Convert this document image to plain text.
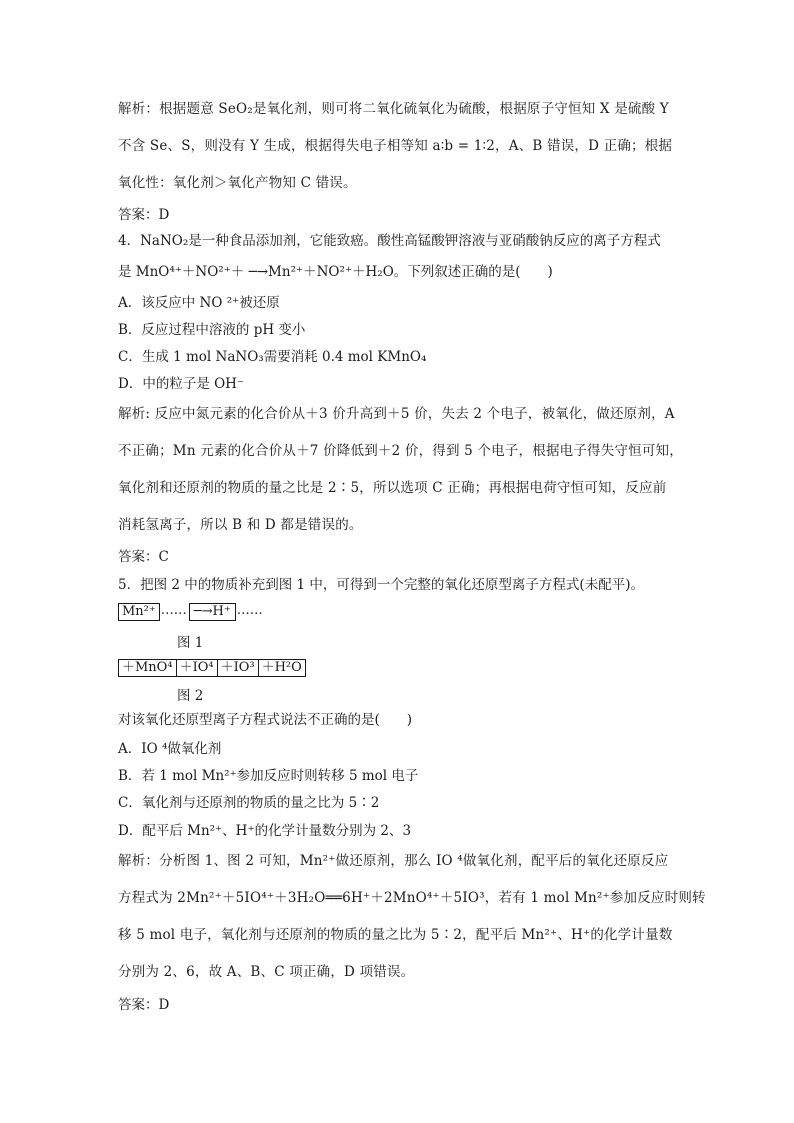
解析：根据题意 SeO₂是氧化剂，则可将二氧化硫氧化为硫酸，根据原子守恒知 X 是硫酸 Y
不含 Se、S，则没有 Y 生成，根据得失电子相等知 a∶b = 1∶2，A、B 错误，D 正确；根据
氧化性：氧化剂＞氧化产物知 C 错误。
答案：D
4．NaNO₂是一种食品添加剂，它能致癌。酸性高锰酸钾溶液与亚硝酸钠反应的离子方程式
是 MnO⁴⁺＋NO²⁺＋ ─→Mn²⁺＋NO²⁺＋H₂O。下列叙述正确的是(　　)
A．该反应中 NO ²⁺被还原
B．反应过程中溶液的 pH 变小
C．生成 1 mol NaNO₃需要消耗 0.4 mol KMnO₄
D．中的粒子是 OH⁻
解析: 反应中氮元素的化合价从＋3 价升高到＋5 价，失去 2 个电子，被氧化，做还原剂，A
不正确；Mn 元素的化合价从＋7 价降低到＋2 价，得到 5 个电子，根据电子得失守恒可知，
氧化剂和还原剂的物质的量之比是 2∶5，所以选项 C 正确；再根据电荷守恒可知，反应前
消耗氢离子，所以 B 和 D 都是错误的。
答案：C
5．把图 2 中的物质补充到图 1 中，可得到一个完整的氧化还原型离子方程式(未配平)。
Mn²⁺ …… ─→H⁺ ……
图 1
＋MnO⁴ ＋IO⁴ ＋IO³ ＋H²O
图 2
对该氧化还原型离子方程式说法不正确的是(　　)
A．IO ⁴做氧化剂
B．若 1 mol Mn²⁺参加反应时则转移 5 mol 电子
C．氧化剂与还原剂的物质的量之比为 5∶2
D．配平后 Mn²⁺、H⁺的化学计量数分别为 2、3
解析：分析图 1、图 2 可知，Mn²⁺做还原剂，那么 IO ⁴做氧化剂，配平后的氧化还原反应
方程式为 2Mn²⁺＋5IO⁴⁺＋3H₂O══6H⁺＋2MnO⁴⁺＋5IO³，若有 1 mol Mn²⁺参加反应时则转
移 5 mol 电子，氧化剂与还原剂的物质的量之比为 5∶2，配平后 Mn²⁺、H⁺的化学计量数
分别为 2、6，故 A、B、C 项正确，D 项错误。
答案：D
